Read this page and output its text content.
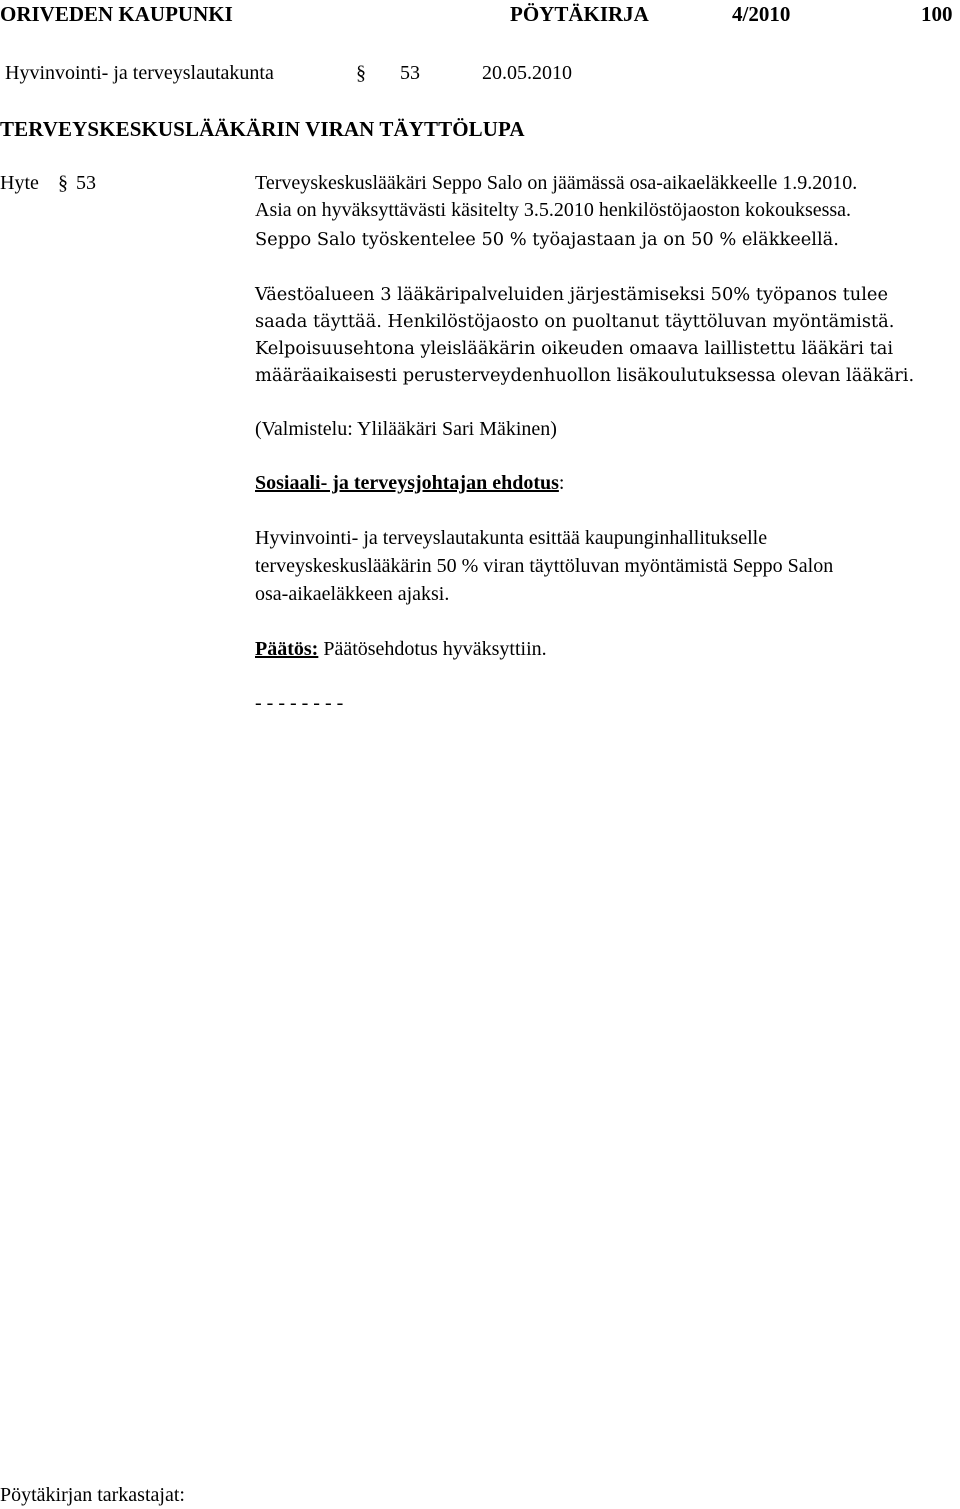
ORIVEDEN KAUPUNKI	PÖYTÄKIRJA	4/2010	100
Hyvinvointi- ja terveyslautakunta	§ 53	20.05.2010
TERVEYSKESKUSLÄÄKÄRIN VIRAN TÄYTTÖLUPA
Hyte § 53	Terveyskeskuslääkäri Seppo Salo on jäämässä osa-aikaeläkkeelle 1.9.2010.
Asia on hyväksyttävästi käsitelty 3.5.2010 henkilöstöjaoston kokouksessa.
Seppo Salo työskentelee 50 % työajastaan ja on 50 % eläkkeellä.
Väestöalueen 3 lääkäripalveluiden järjestämiseksi 50% työpanos tulee
saada täyttää. Henkilöstöjaosto on puoltanut täyttöluvan myöntämistä.
Kelpoisuusehtona yleislääkärin oikeuden omaava laillistettu lääkäri tai
määräaikaisesti perusterveydenhuollon lisäkoulutuksessa olevan lääkäri.
(Valmistelu: Ylilääkäri Sari Mäkinen)
Sosiaali- ja terveysjohtajan ehdotus:
Hyvinvointi- ja terveyslautakunta esittää kaupunginhallitukselle
terveyskeskuslääkärin 50 % viran täyttöluvan myöntämistä Seppo Salon
osa-aikaeläkkeen ajaksi.
Päätös: Päätösehdotus hyväksyttiin.
- - - - - - - -
Pöytäkirjan tarkastajat:
